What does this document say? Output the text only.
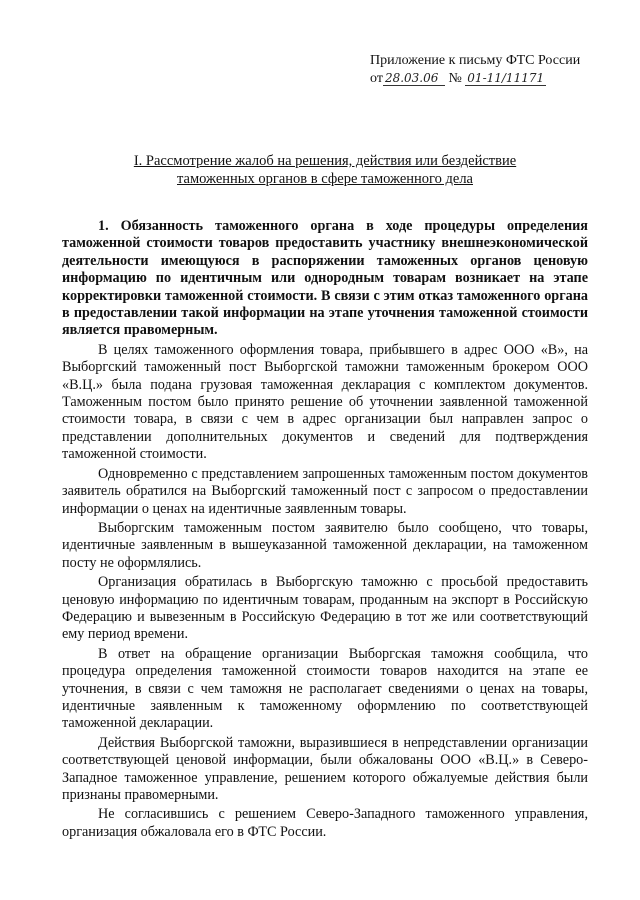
Приложение к письму ФТС России
от 28.03.06 № 01-11/11171
I. Рассмотрение жалоб на решения, действия или бездействие
таможенных органов в сфере таможенного дела

1. Обязанность таможенного органа в ходе процедуры определения таможенной стоимости товаров предоставить участнику внешнеэкономической деятельности имеющуюся в распоряжении таможенных органов ценовую информацию по идентичным или однородным товарам возникает на этапе корректировки таможенной стоимости. В связи с этим отказ таможенного органа в предоставлении такой информации на этапе уточнения таможенной стоимости является правомерным.

В целях таможенного оформления товара, прибывшего в адрес ООО «В», на Выборгский таможенный пост Выборгской таможни таможенным брокером ООО «В.Ц.» была подана грузовая таможенная декларация с комплектом документов. Таможенным постом было принято решение об уточнении заявленной таможенной стоимости товара, в связи с чем в адрес организации был направлен запрос о представлении дополнительных документов и сведений для подтверждения таможенной стоимости.

Одновременно с представлением запрошенных таможенным постом документов заявитель обратился на Выборгский таможенный пост с запросом о предоставлении информации о ценах на идентичные заявленным товары.

Выборгским таможенным постом заявителю было сообщено, что товары, идентичные заявленным в вышеуказанной таможенной декларации, на таможенном посту не оформлялись.

Организация обратилась в Выборгскую таможню с просьбой предоставить ценовую информацию по идентичным товарам, проданным на экспорт в Российскую Федерацию и вывезенным в Российскую Федерацию в тот же или соответствующий ему период времени.

В ответ на обращение организации Выборгская таможня сообщила, что процедура определения таможенной стоимости товаров находится на этапе ее уточнения, в связи с чем таможня не располагает сведениями о ценах на товары, идентичные заявленным к таможенному оформлению по соответствующей таможенной декларации.

Действия Выборгской таможни, выразившиеся в непредставлении организации соответствующей ценовой информации, были обжалованы ООО «В.Ц.» в Северо-Западное таможенное управление, решением которого обжалуемые действия были признаны правомерными.

Не согласившись с решением Северо-Западного таможенного управления, организация обжаловала его в ФТС России.
